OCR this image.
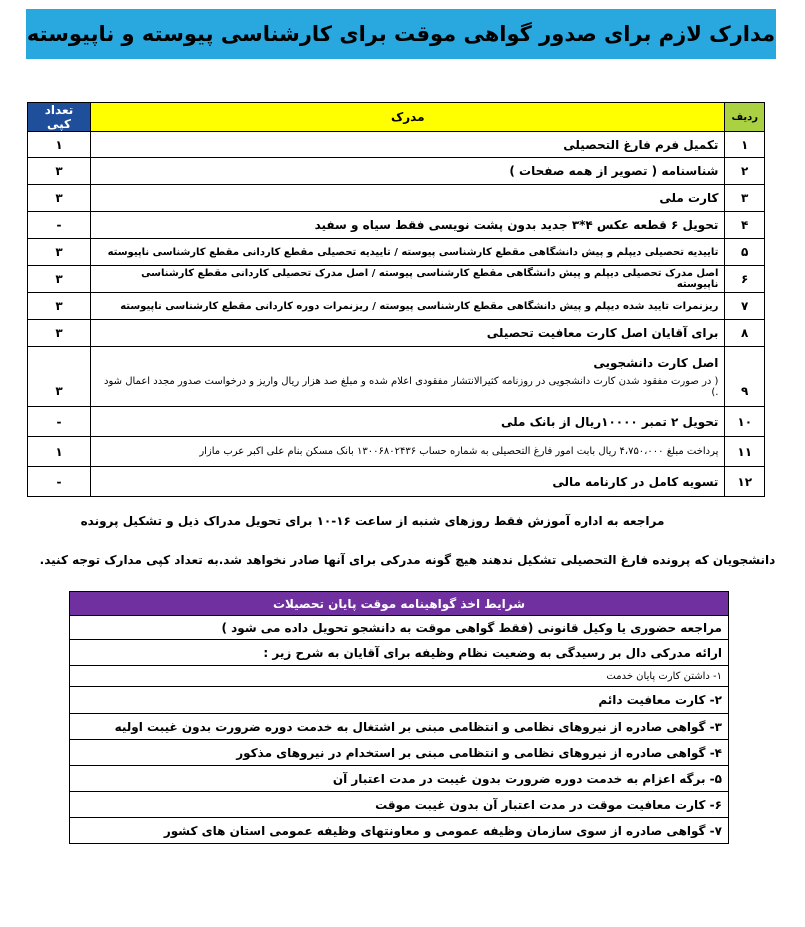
مدارک لازم برای صدور گواهی موقت برای کارشناسی پیوسته و ناپیوسته
ردیف	مدرک	تعداد کپی
۱	تکمیل فرم فارغ التحصیلی	۱
۲	شناسنامه ( تصویر از همه صفحات )	۳
۳	کارت ملی	۳
۴	تحویل ۶ قطعه عکس ۴*۳ جدید بدون پشت نویسی فقط سیاه و سفید	-
۵	تاییدیه تحصیلی دیپلم و پیش دانشگاهی مقطع کارشناسی پیوسته / تاییدیه تحصیلی مقطع کاردانی مقطع کارشناسی ناپیوسته	۳
۶	اصل مدرک تحصیلی دیپلم و پیش دانشگاهی مقطع کارشناسی پیوسته / اصل مدرک تحصیلی کاردانی مقطع کارشناسی ناپیوسته	۳
۷	ریزنمرات تایید شده دیپلم و پیش دانشگاهی مقطع کارشناسی پیوسته / ریزنمرات دوره کاردانی مقطع کارشناسی ناپیوسته	۳
۸	برای آقایان اصل کارت معافیت تحصیلی	۳
۹	اصل کارت دانشجویی
( در صورت مفقود شدن کارت دانشجویی در روزنامه کثیرالانتشار مفقودی اعلام شده و مبلغ صد هزار ریال واریز و درخواست صدور مجدد اعمال شود .)	۳
۱۰	تحویل ۲ تمبر ۱۰۰۰۰ریال از بانک ملی	-
۱۱	پرداخت مبلغ ۴،۷۵۰،۰۰۰ ریال بابت امور فارغ التحصیلی به شماره حساب ۱۳۰۰۶۸۰۲۴۳۶ بانک مسکن بنام علی اکبر عرب مازار	۱
۱۲	تسویه کامل در کارنامه مالی	-
مراجعه به اداره آموزش فقط روزهای شنبه از ساعت ۱۶-۱۰ برای تحویل مدراک ذیل و تشکیل پرونده
دانشجویان که پرونده فارغ التحصیلی تشکیل ندهند هیچ گونه مدرکی برای آنها صادر نخواهد شد.به تعداد کپی مدارک توجه کنید.
شرایط اخذ گواهینامه موقت پایان تحصیلات
مراجعه حضوری یا وکیل قانونی (فقط گواهی موقت به دانشجو تحویل داده می شود )
ارائه مدرکی دال بر رسیدگی به وضعیت نظام وظیفه برای آقایان به شرح زیر :
۱- داشتن کارت پایان خدمت
۲- کارت معافیت دائم
۳- گواهی صادره از نیروهای نظامی و انتظامی مبنی بر اشتغال به خدمت دوره ضرورت بدون غیبت اولیه
۴- گواهی صادره از نیروهای نظامی و انتظامی مبنی بر استخدام در نیروهای مذکور
۵- برگه اعزام به خدمت دوره ضرورت بدون غیبت در مدت اعتبار آن
۶- کارت معافیت موقت در مدت اعتبار آن بدون غیبت موقت
۷- گواهی صادره از سوی سازمان وظیفه عمومی و معاونتهای وظیفه عمومی استان های کشور
